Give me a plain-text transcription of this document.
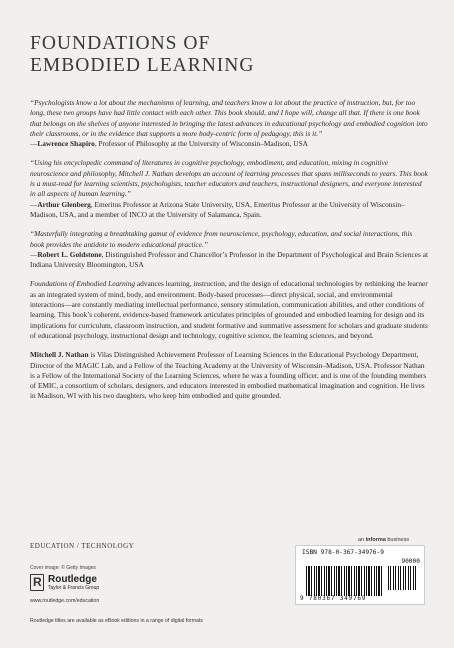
FOUNDATIONS OF
EMBODIED LEARNING

“Psychologists know a lot about the mechanisms of learning, and teachers know a lot about the practice of instruction, but, for too long, these two groups have had little contact with each other. This book should, and I hope will, change all that. If there is one book that belongs on the shelves of anyone interested in bringing the latest advances in educational psychology and embodied cognition into their classrooms, or in the evidence that supports a more body-centric form of pedagogy, this is it.”
—Lawrence Shapiro, Professor of Philosophy at the University of Wisconsin–Madison, USA

“Using his encyclopedic command of literatures in cognitive psychology, embodiment, and education, mixing in cognitive neuroscience and philosophy, Mitchell J. Nathan develops an account of learning processes that spans milliseconds to years. This book is a must-read for learning scientists, psychologists, teacher educators and teachers, instructional designers, and everyone interested in all aspects of human learning.”
—Arthur Glenberg, Emeritus Professor at Arizona State University, USA, Emeritus Professor at the University of Wisconsin–Madison, USA, and a member of INCO at the University of Salamanca, Spain.

“Masterfully integrating a breathtaking gamut of evidence from neuroscience, psychology, education, and social interactions, this book provides the antidote to modern educational practice.”
—Robert L. Goldstone, Distinguished Professor and Chancellor’s Professor in the Department of Psychological and Brain Sciences at Indiana University Bloomington, USA

Foundations of Embodied Learning advances learning, instruction, and the design of educational technologies by rethinking the learner as an integrated system of mind, body, and environment. Body-based processes—direct physical, social, and environmental interactions—are constantly mediating intellectual performance, sensory stimulation, communication abilities, and other conditions of learning. This book’s coherent, evidence-based framework articulates principles of grounded and embodied learning for design and its implications for curriculum, classroom instruction, and student formative and summative assessment for scholars and graduate students of educational psychology, instructional design and technology, cognitive science, the learning sciences, and beyond.

Mitchell J. Nathan is Vilas Distinguished Achievement Professor of Learning Sciences in the Educational Psychology Department, Director of the MAGIC Lab, and a Fellow of the Teaching Academy at the University of Wisconsin–Madison, USA. Professor Nathan is a Fellow of the International Society of the Learning Sciences, where he was a founding officer, and is one of the founding members of EMIC, a consortium of scholars, designers, and educators interested in embodied mathematical imagination and cognition. He lives in Madison, WI with his two daughters, who keep him embodied and quite grounded.

EDUCATION / TECHNOLOGY
Cover image: © Getty Images
R Routledge
Taylor & Francis Group
www.routledge.com/education
Routledge titles are available as eBook editions in a range of digital formats
an informa business
ISBN 978-0-367-34976-9
90000
9 780367 349769
